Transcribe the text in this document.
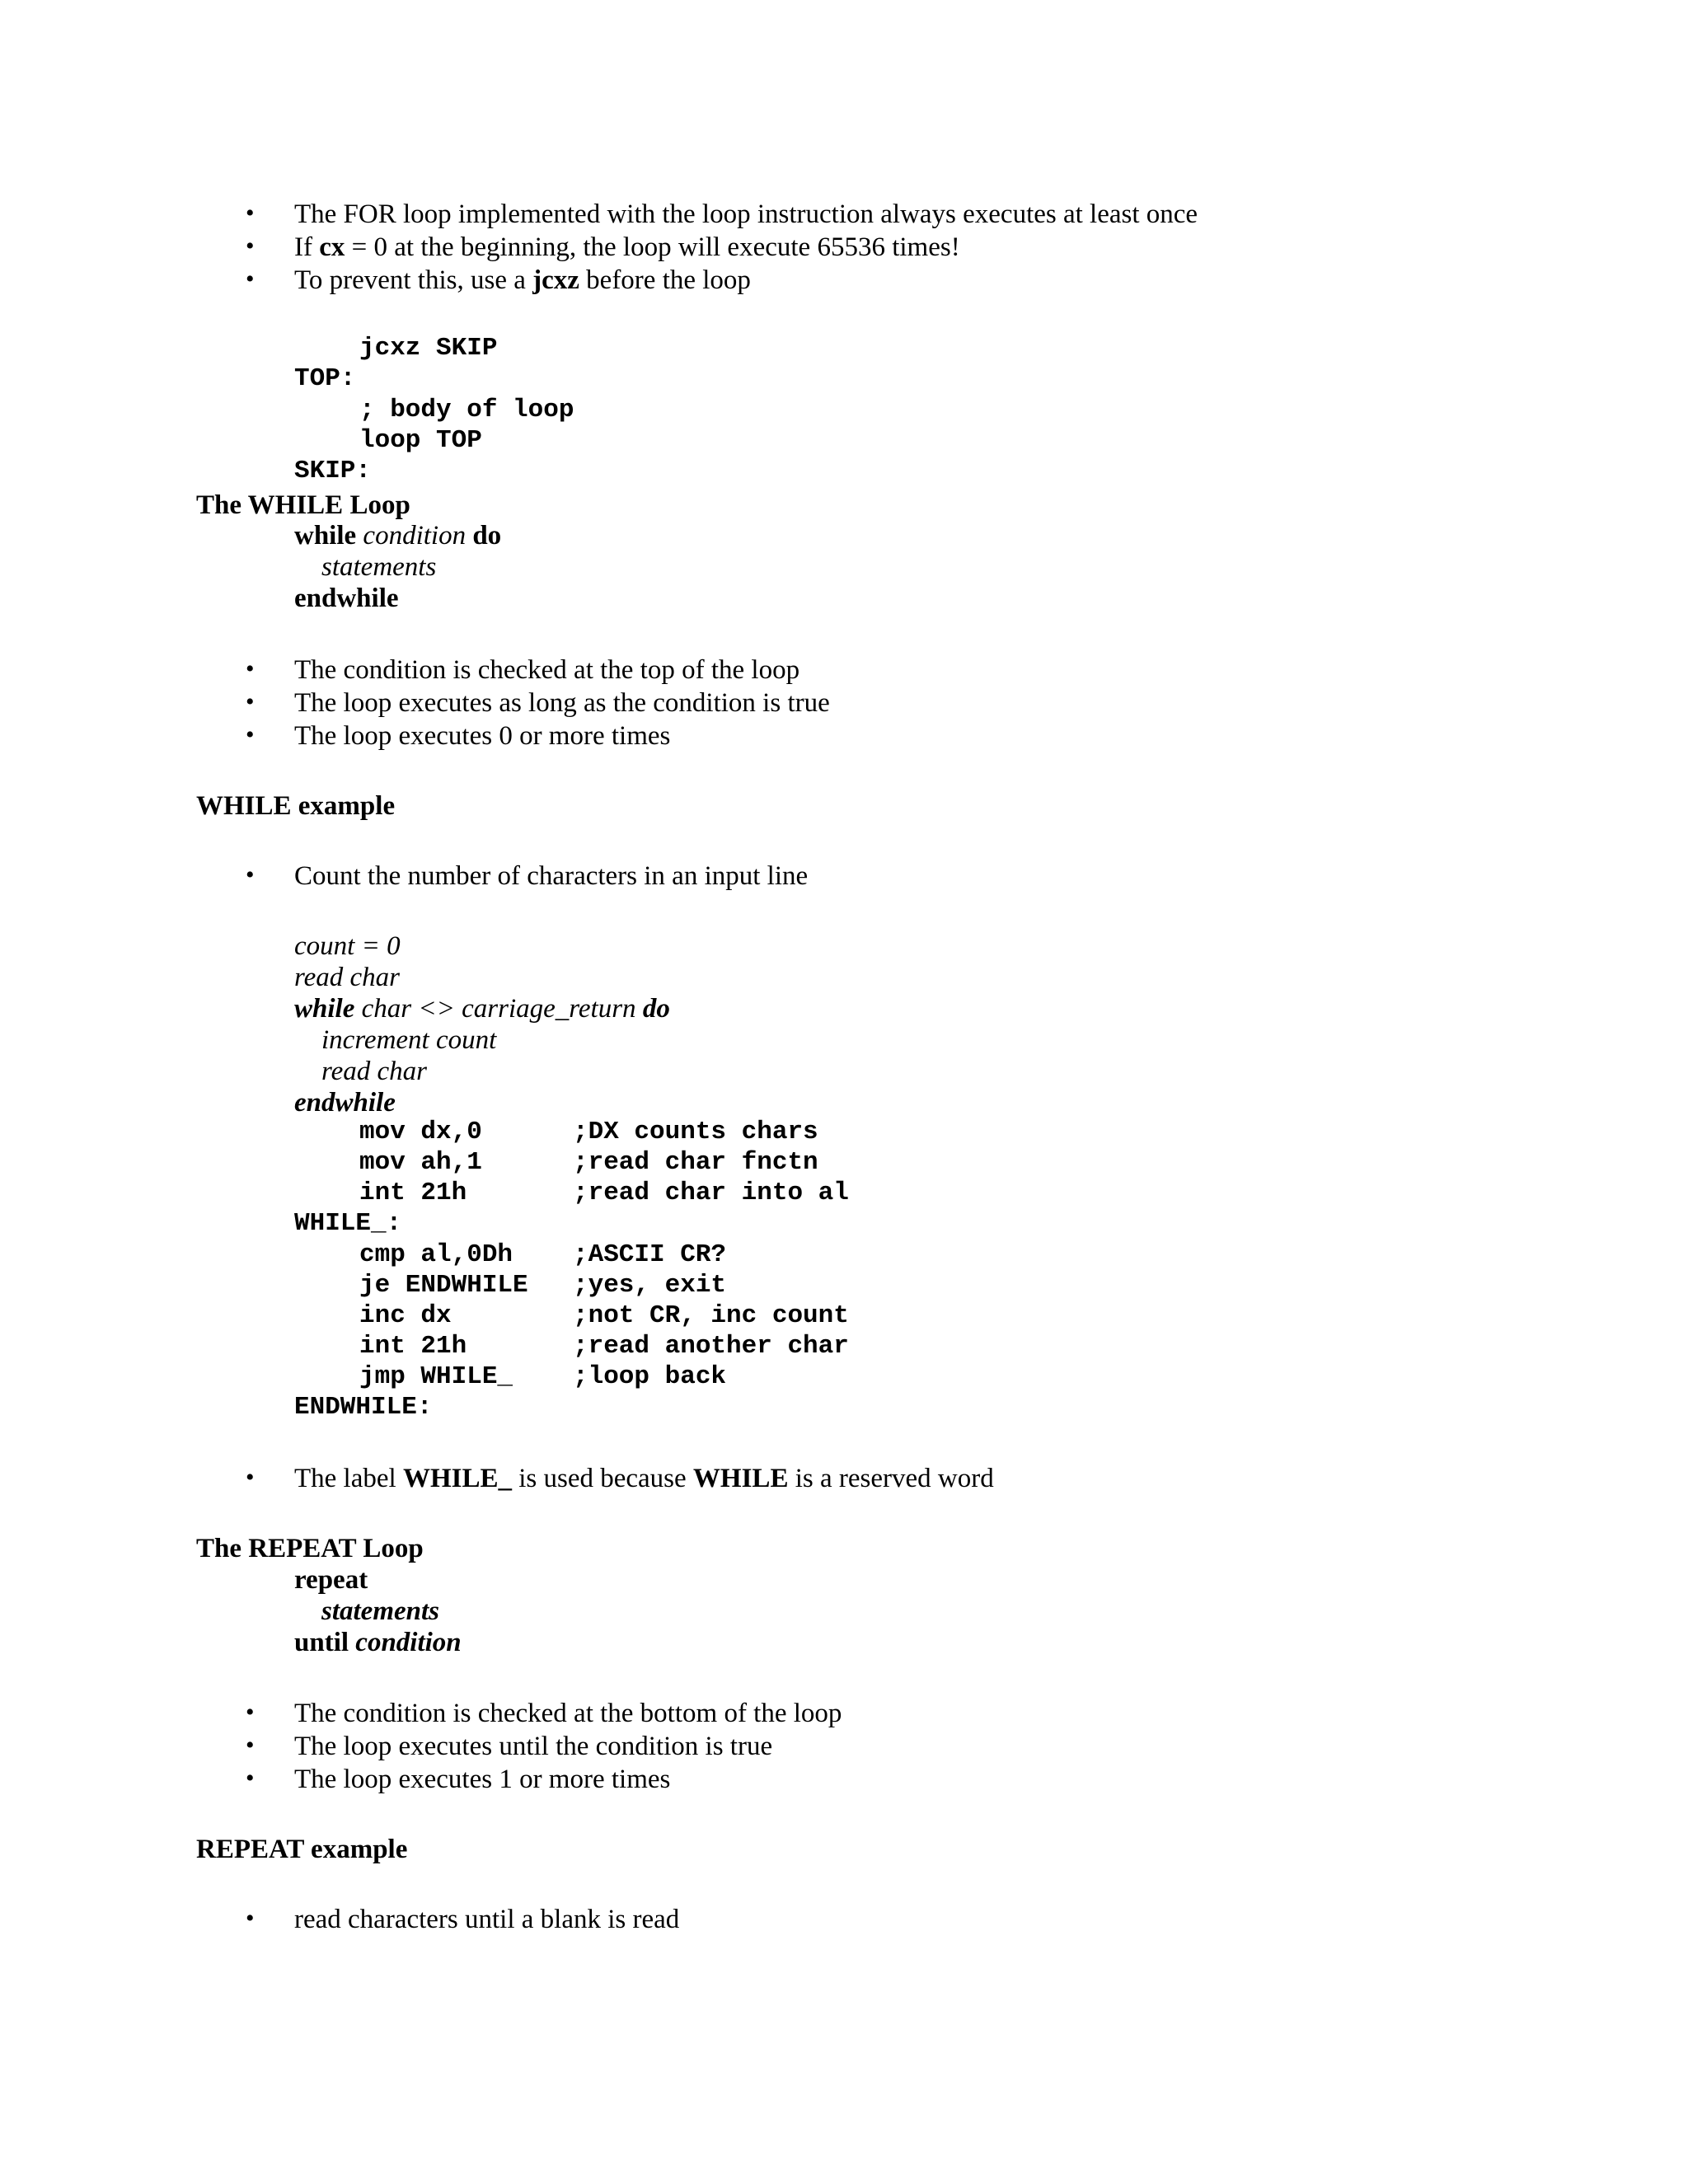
• The FOR loop implemented with the loop instruction always executes at least once
• If cx = 0 at the beginning, the loop will execute 65536 times!
• To prevent this, use a jcxz before the loop
jcxz SKIP
TOP:
; body of loop
loop TOP
SKIP:
The WHILE Loop
while condition do
statements
endwhile
• The condition is checked at the top of the loop
• The loop executes as long as the condition is true
• The loop executes 0 or more times
WHILE example
• Count the number of characters in an input line
count = 0
read char
while char <> carriage_return do
increment count
read char
endwhile
mov dx,0	;DX counts chars
mov ah,1	;read char fnctn
int 21h	;read char into al
WHILE_:
cmp al,0Dh ;ASCII CR?
je ENDWHILE ;yes, exit
inc dx	;not CR, inc count
int 21h	;read another char
jmp WHILE_ ;loop back
ENDWHILE:
• The label WHILE_ is used because WHILE is a reserved word
The REPEAT Loop
repeat
statements
until condition
• The condition is checked at the bottom of the loop
• The loop executes until the condition is true
• The loop executes 1 or more times
REPEAT example
• read characters until a blank is read
